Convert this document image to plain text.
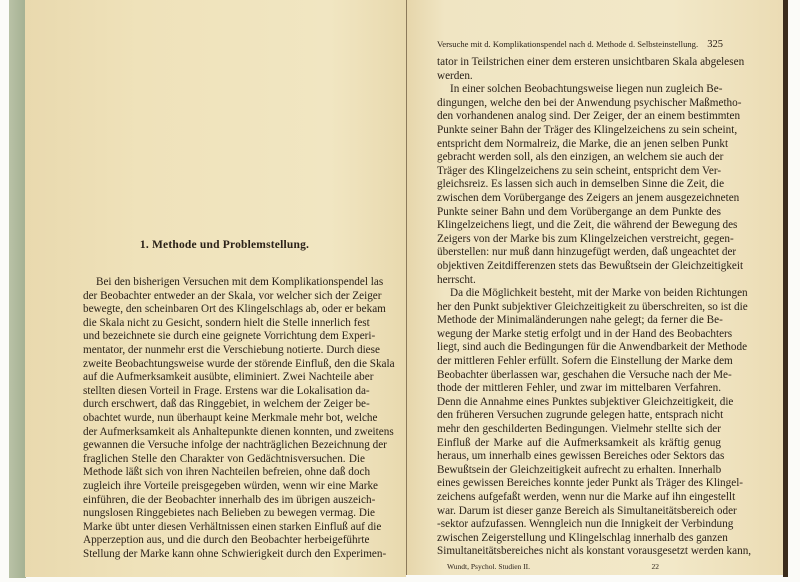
1. Methode und Problemstellung.
Bei den bisherigen Versuchen mit dem Komplikationspendel las
der Beobachter entweder an der Skala, vor welcher sich der Zeiger
bewegte, den scheinbaren Ort des Klingelschlags ab, oder er bekam
die Skala nicht zu Gesicht, sondern hielt die Stelle innerlich fest
und bezeichnete sie durch eine geignete Vorrichtung dem Experi-
mentator, der nunmehr erst die Verschiebung notierte. Durch diese
zweite Beobachtungsweise wurde der störende Einfluß, den die Skala
auf die Aufmerksamkeit ausübte, eliminiert. Zwei Nachteile aber
stellten diesen Vorteil in Frage. Erstens war die Lokalisation da-
durch erschwert, daß das Ringgebiet, in welchem der Zeiger be-
obachtet wurde, nun überhaupt keine Merkmale mehr bot, welche
der Aufmerksamkeit als Anhaltepunkte dienen konnten, und zweitens
gewannen die Versuche infolge der nachträglichen Bezeichnung der
fraglichen Stelle den Charakter von Gedächtnisversuchen. Die
Methode läßt sich von ihren Nachteilen befreien, ohne daß doch
zugleich ihre Vorteile preisgegeben würden, wenn wir eine Marke
einführen, die der Beobachter innerhalb des im übrigen auszeich-
nungslosen Ringgebietes nach Belieben zu bewegen vermag. Die
Marke übt unter diesen Verhältnissen einen starken Einfluß auf die
Apperzeption aus, und die durch den Beobachter herbeigeführte
Stellung der Marke kann ohne Schwierigkeit durch den Experimen-
Versuche mit d. Komplikationspendel nach d. Methode d. Selbsteinstellung. 325
tator in Teilstrichen einer dem ersteren unsichtbaren Skala abgelesen
werden.
In einer solchen Beobachtungsweise liegen nun zugleich Be-
dingungen, welche den bei der Anwendung psychischer Maßmetho-
den vorhandenen analog sind. Der Zeiger, der an einem bestimmten
Punkte seiner Bahn der Träger des Klingelzeichens zu sein scheint,
entspricht dem Normalreiz, die Marke, die an jenen selben Punkt
gebracht werden soll, als den einzigen, an welchem sie auch der
Träger des Klingelzeichens zu sein scheint, entspricht dem Ver-
gleichsreiz. Es lassen sich auch in demselben Sinne die Zeit, die
zwischen dem Vorübergange des Zeigers an jenem ausgezeichneten
Punkte seiner Bahn und dem Vorübergange an dem Punkte des
Klingelzeichens liegt, und die Zeit, die während der Bewegung des
Zeigers von der Marke bis zum Klingelzeichen verstreicht, gegen-
überstellen: nur muß dann hinzugefügt werden, daß ungeachtet der
objektiven Zeitdifferenzen stets das Bewußtsein der Gleichzeitigkeit
herrscht.
Da die Möglichkeit besteht, mit der Marke von beiden Richtungen
her den Punkt subjektiver Gleichzeitigkeit zu überschreiten, so ist die
Methode der Minimaländerungen nahe gelegt; da ferner die Be-
wegung der Marke stetig erfolgt und in der Hand des Beobachters
liegt, sind auch die Bedingungen für die Anwendbarkeit der Methode
der mittleren Fehler erfüllt. Sofern die Einstellung der Marke dem
Beobachter überlassen war, geschahen die Versuche nach der Me-
thode der mittleren Fehler, und zwar im mittelbaren Verfahren.
Denn die Annahme eines Punktes subjektiver Gleichzeitigkeit, die
den früheren Versuchen zugrunde gelegen hatte, entsprach nicht
mehr den geschilderten Bedingungen. Vielmehr stellte sich der
Einfluß der Marke auf die Aufmerksamkeit als kräftig genug
heraus, um innerhalb eines gewissen Bereiches oder Sektors das
Bewußtsein der Gleichzeitigkeit aufrecht zu erhalten. Innerhalb
eines gewissen Bereiches konnte jeder Punkt als Träger des Klingel-
zeichens aufgefaßt werden, wenn nur die Marke auf ihn eingestellt
war. Darum ist dieser ganze Bereich als Simultaneitätsbereich oder
-sektor aufzufassen. Wenngleich nun die Innigkeit der Verbindung
zwischen Zeigerstellung und Klingelschlag innerhalb des ganzen
Simultaneitätsbereiches nicht als konstant vorausgesetzt werden kann,
Wundt, Psychol. Studien II.	22
